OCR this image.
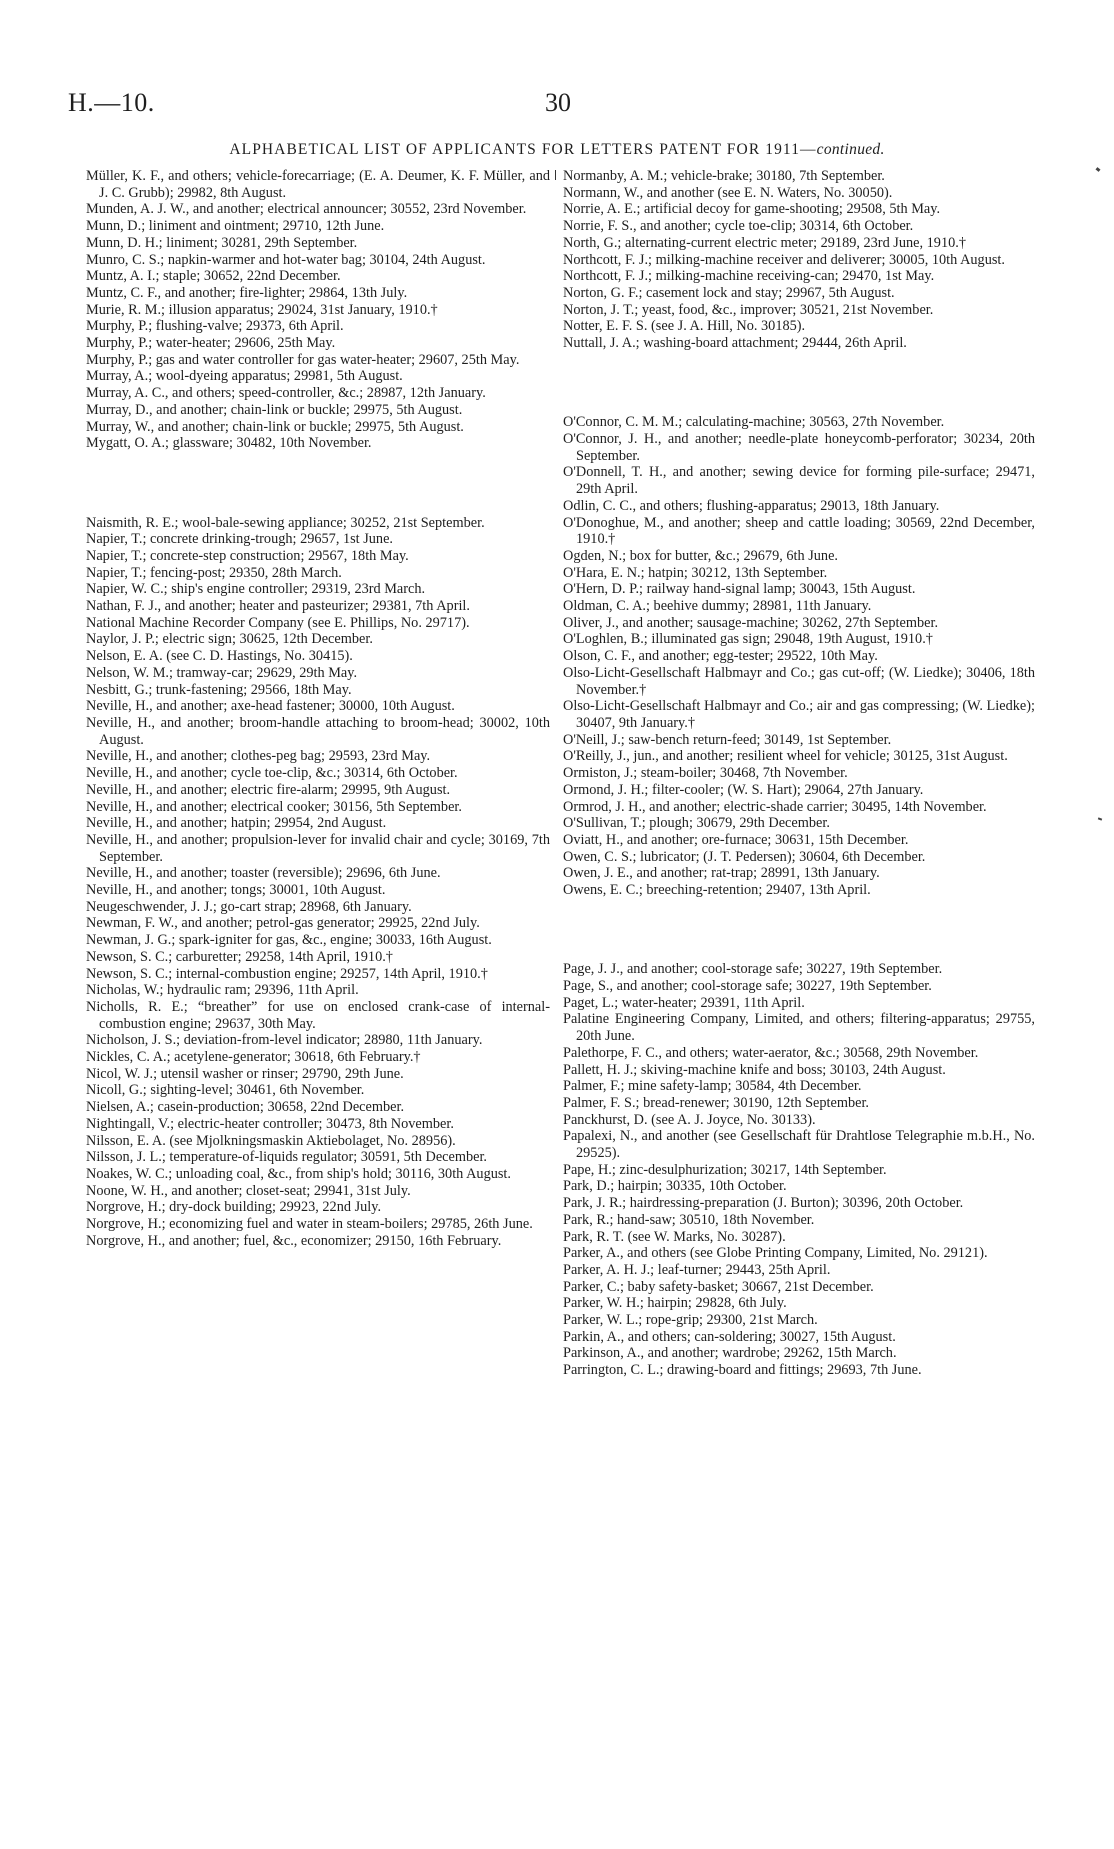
H.—10.	30
ALPHABETICAL LIST OF APPLICANTS FOR LETTERS PATENT FOR 1911—continued.

Müller, K. F., and others; vehicle-forecarriage; (E. A. Deumer, K. F. Müller, and J. C. Grubb); 29982, 8th August.

Munden, A. J. W., and another; electrical announcer; 30552, 23rd November.

Munn, D.; liniment and ointment; 29710, 12th June.

Munn, D. H.; liniment; 30281, 29th September.

Munro, C. S.; napkin-warmer and hot-water bag; 30104, 24th August.

Muntz, A. I.; staple; 30652, 22nd December.

Muntz, C. F., and another; fire-lighter; 29864, 13th July.

Murie, R. M.; illusion apparatus; 29024, 31st January, 1910.†

Murphy, P.; flushing-valve; 29373, 6th April.

Murphy, P.; water-heater; 29606, 25th May.

Murphy, P.; gas and water controller for gas water-heater; 29607, 25th May.

Murray, A.; wool-dyeing apparatus; 29981, 5th August.

Murray, A. C., and others; speed-controller, &c.; 28987, 12th January.

Murray, D., and another; chain-link or buckle; 29975, 5th August.

Murray, W., and another; chain-link or buckle; 29975, 5th August.

Mygatt, O. A.; glassware; 30482, 10th November.

Naismith, R. E.; wool-bale-sewing appliance; 30252, 21st September.

Napier, T.; concrete drinking-trough; 29657, 1st June.

Napier, T.; concrete-step construction; 29567, 18th May.

Napier, T.; fencing-post; 29350, 28th March.

Napier, W. C.; ship's engine controller; 29319, 23rd March.

Nathan, F. J., and another; heater and pasteurizer; 29381, 7th April.

National Machine Recorder Company (see E. Phillips, No. 29717).

Naylor, J. P.; electric sign; 30625, 12th December.

Nelson, E. A. (see C. D. Hastings, No. 30415).

Nelson, W. M.; tramway-car; 29629, 29th May.

Nesbitt, G.; trunk-fastening; 29566, 18th May.

Neville, H., and another; axe-head fastener; 30000, 10th August.

Neville, H., and another; broom-handle attaching to broom-head; 30002, 10th August.

Neville, H., and another; clothes-peg bag; 29593, 23rd May.

Neville, H., and another; cycle toe-clip, &c.; 30314, 6th October.

Neville, H., and another; electric fire-alarm; 29995, 9th August.

Neville, H., and another; electrical cooker; 30156, 5th September.

Neville, H., and another; hatpin; 29954, 2nd August.

Neville, H., and another; propulsion-lever for invalid chair and cycle; 30169, 7th September.

Neville, H., and another; toaster (reversible); 29696, 6th June.

Neville, H., and another; tongs; 30001, 10th August.

Neugeschwender, J. J.; go-cart strap; 28968, 6th January.

Newman, F. W., and another; petrol-gas generator; 29925, 22nd July.

Newman, J. G.; spark-igniter for gas, &c., engine; 30033, 16th August.

Newson, S. C.; carburetter; 29258, 14th April, 1910.†

Newson, S. C.; internal-combustion engine; 29257, 14th April, 1910.†

Nicholas, W.; hydraulic ram; 29396, 11th April.

Nicholls, R. E.; “breather” for use on enclosed crank-case of internal-combustion engine; 29637, 30th May.

Nicholson, J. S.; deviation-from-level indicator; 28980, 11th January.

Nickles, C. A.; acetylene-generator; 30618, 6th February.†

Nicol, W. J.; utensil washer or rinser; 29790, 29th June.

Nicoll, G.; sighting-level; 30461, 6th November.

Nielsen, A.; casein-production; 30658, 22nd December.

Nightingall, V.; electric-heater controller; 30473, 8th November.

Nilsson, E. A. (see Mjolkningsmaskin Aktiebolaget, No. 28956).

Nilsson, J. L.; temperature-of-liquids regulator; 30591, 5th December.

Noakes, W. C.; unloading coal, &c., from ship's hold; 30116, 30th August.

Noone, W. H., and another; closet-seat; 29941, 31st July.

Norgrove, H.; dry-dock building; 29923, 22nd July.

Norgrove, H.; economizing fuel and water in steam-boilers; 29785, 26th June.

Norgrove, H., and another; fuel, &c., economizer; 29150, 16th February.

Normanby, A. M.; vehicle-brake; 30180, 7th September.

Normann, W., and another (see E. N. Waters, No. 30050).

Norrie, A. E.; artificial decoy for game-shooting; 29508, 5th May.

Norrie, F. S., and another; cycle toe-clip; 30314, 6th October.

North, G.; alternating-current electric meter; 29189, 23rd June, 1910.†

Northcott, F. J.; milking-machine receiver and deliverer; 30005, 10th August.

Northcott, F. J.; milking-machine receiving-can; 29470, 1st May.

Norton, G. F.; casement lock and stay; 29967, 5th August.

Norton, J. T.; yeast, food, &c., improver; 30521, 21st November.

Notter, E. F. S. (see J. A. Hill, No. 30185).

Nuttall, J. A.; washing-board attachment; 29444, 26th April.

O'Connor, C. M. M.; calculating-machine; 30563, 27th November.

O'Connor, J. H., and another; needle-plate honeycomb-perforator; 30234, 20th September.

O'Donnell, T. H., and another; sewing device for forming pile-surface; 29471, 29th April.

Odlin, C. C., and others; flushing-apparatus; 29013, 18th January.

O'Donoghue, M., and another; sheep and cattle loading; 30569, 22nd December, 1910.†

Ogden, N.; box for butter, &c.; 29679, 6th June.

O'Hara, E. N.; hatpin; 30212, 13th September.

O'Hern, D. P.; railway hand-signal lamp; 30043, 15th August.

Oldman, C. A.; beehive dummy; 28981, 11th January.

Oliver, J., and another; sausage-machine; 30262, 27th September.

O'Loghlen, B.; illuminated gas sign; 29048, 19th August, 1910.†

Olson, C. F., and another; egg-tester; 29522, 10th May.

Olso-Licht-Gesellschaft Halbmayr and Co.; gas cut-off; (W. Liedke); 30406, 18th November.†

Olso-Licht-Gesellschaft Halbmayr and Co.; air and gas compressing; (W. Liedke); 30407, 9th January.†

O'Neill, J.; saw-bench return-feed; 30149, 1st September.

O'Reilly, J., jun., and another; resilient wheel for vehicle; 30125, 31st August.

Ormiston, J.; steam-boiler; 30468, 7th November.

Ormond, J. H.; filter-cooler; (W. S. Hart); 29064, 27th January.

Ormrod, J. H., and another; electric-shade carrier; 30495, 14th November.

O'Sullivan, T.; plough; 30679, 29th December.

Oviatt, H., and another; ore-furnace; 30631, 15th December.

Owen, C. S.; lubricator; (J. T. Pedersen); 30604, 6th December.

Owen, J. E., and another; rat-trap; 28991, 13th January.

Owens, E. C.; breeching-retention; 29407, 13th April.

Page, J. J., and another; cool-storage safe; 30227, 19th September.

Page, S., and another; cool-storage safe; 30227, 19th September.

Paget, L.; water-heater; 29391, 11th April.

Palatine Engineering Company, Limited, and others; filtering-apparatus; 29755, 20th June.

Palethorpe, F. C., and others; water-aerator, &c.; 30568, 29th November.

Pallett, H. J.; skiving-machine knife and boss; 30103, 24th August.

Palmer, F.; mine safety-lamp; 30584, 4th December.

Palmer, F. S.; bread-renewer; 30190, 12th September.

Panckhurst, D. (see A. J. Joyce, No. 30133).

Papalexi, N., and another (see Gesellschaft für Drahtlose Telegraphie m.b.H., No. 29525).

Pape, H.; zinc-desulphurization; 30217, 14th September.

Park, D.; hairpin; 30335, 10th October.

Park, J. R.; hairdressing-preparation (J. Burton); 30396, 20th October.

Park, R.; hand-saw; 30510, 18th November.

Park, R. T. (see W. Marks, No. 30287).

Parker, A., and others (see Globe Printing Company, Limited, No. 29121).

Parker, A. H. J.; leaf-turner; 29443, 25th April.

Parker, C.; baby safety-basket; 30667, 21st December.

Parker, W. H.; hairpin; 29828, 6th July.

Parker, W. L.; rope-grip; 29300, 21st March.

Parkin, A., and others; can-soldering; 30027, 15th August.

Parkinson, A., and another; wardrobe; 29262, 15th March.

Parrington, C. L.; drawing-board and fittings; 29693, 7th June.
